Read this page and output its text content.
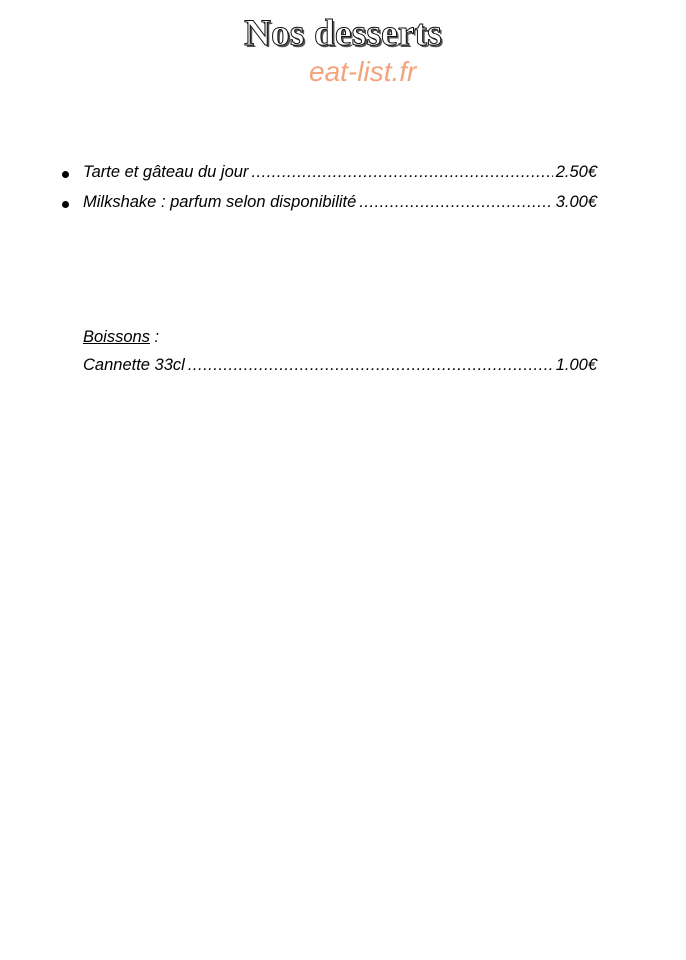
Nos desserts
eat-list.fr
Tarte et gâteau du jour .....	2.50€
Milkshake : parfum selon disponibilité .....	3.00€
Boissons :
Cannette 33cl .....	1.00€
